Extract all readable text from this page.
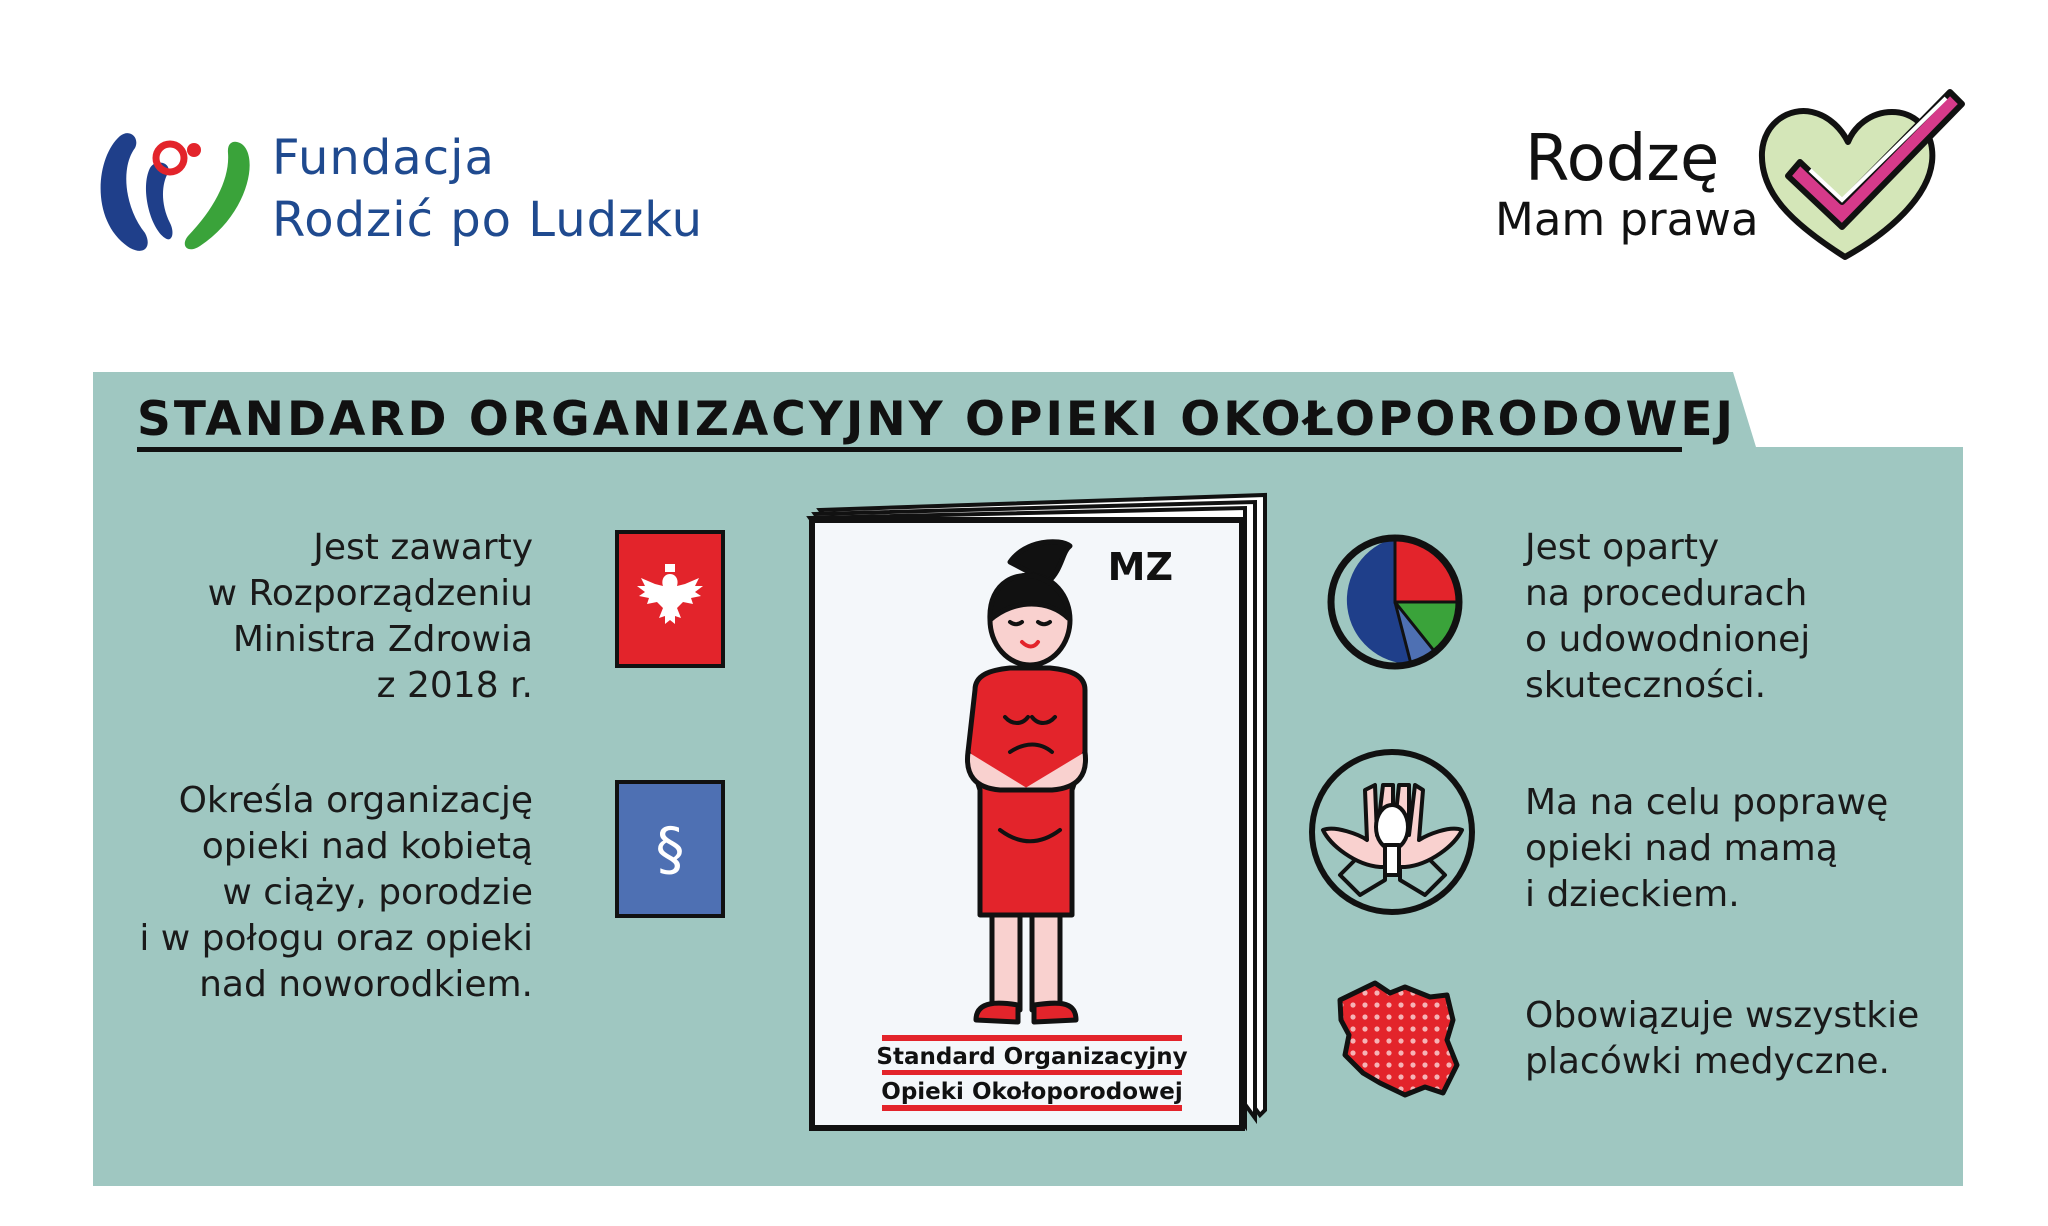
Fundacja
Rodzić po Ludzku
Rodzę
Mam prawa
STANDARD ORGANIZACYJNY OPIEKI OKOŁOPORODOWEJ
Jest zawarty
w Rozporządzeniu
Ministra Zdrowia
z 2018 r.
Określa organizację
opieki nad kobietą
w ciąży, porodzie
i w połogu oraz opieki
nad noworodkiem.
§
MZ
Standard Organizacyjny
Opieki Okołoporodowej
Jest oparty
na procedurach
o udowodnionej
skuteczności.
Ma na celu poprawę
opieki nad mamą
i dzieckiem.
Obowiązuje wszystkie
placówki medyczne.
